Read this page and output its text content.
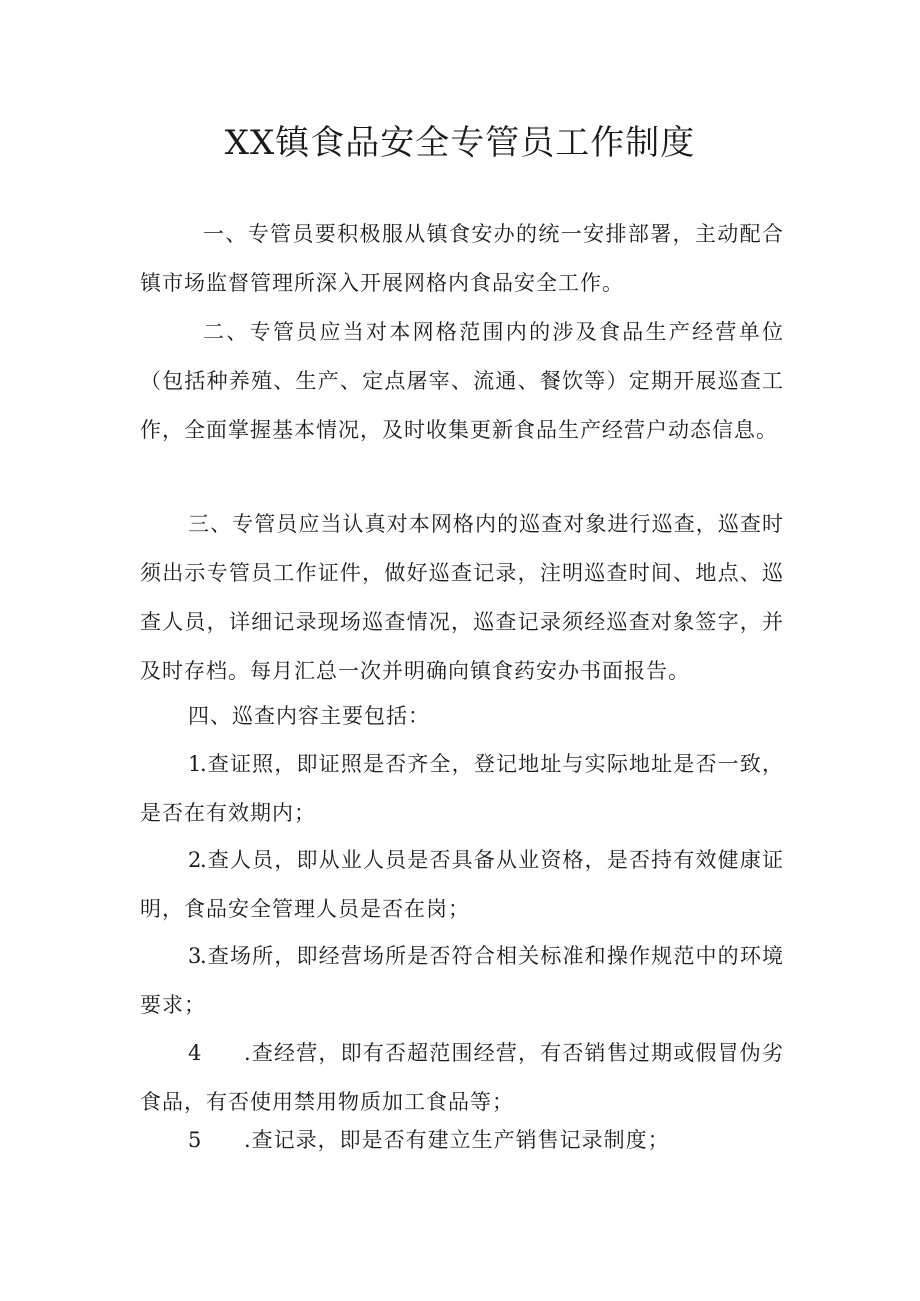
XX镇食品安全专管员工作制度

一、专管员要积极服从镇食安办的统一安排部署，主动配合镇市场监督管理所深入开展网格内食品安全工作。

二、专管员应当对本网格范围内的涉及食品生产经营单位（包括种养殖、生产、定点屠宰、流通、餐饮等）定期开展巡查工作，全面掌握基本情况，及时收集更新食品生产经营户动态信息。

三、专管员应当认真对本网格内的巡查对象进行巡查，巡查时须出示专管员工作证件，做好巡查记录，注明巡查时间、地点、巡查人员，详细记录现场巡查情况，巡查记录须经巡查对象签字，并及时存档。每月汇总一次并明确向镇食药安办书面报告。

四、巡查内容主要包括：

1.查证照，即证照是否齐全，登记地址与实际地址是否一致，是否在有效期内；

2.查人员，即从业人员是否具备从业资格，是否持有效健康证明，食品安全管理人员是否在岗；

3.查场所，即经营场所是否符合相关标准和操作规范中的环境要求；

4 .查经营，即有否超范围经营，有否销售过期或假冒伪劣食品，有否使用禁用物质加工食品等；

5 .查记录，即是否有建立生产销售记录制度；
